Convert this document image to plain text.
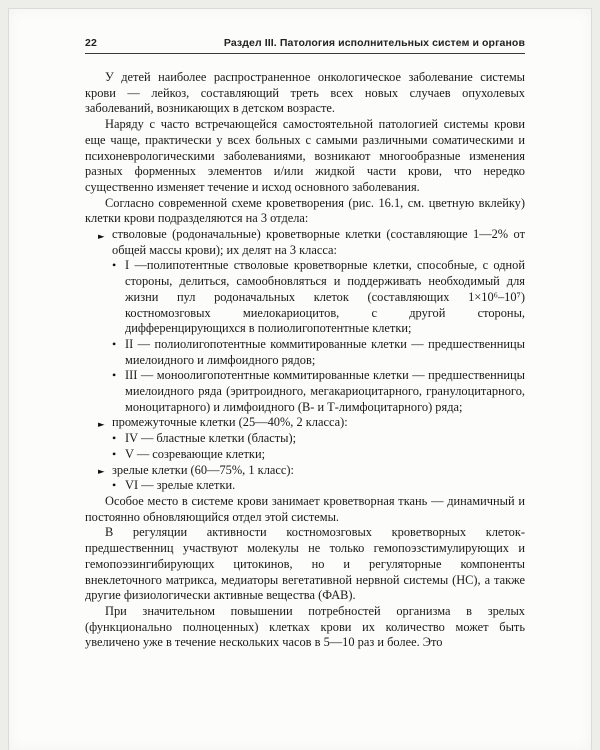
22	Раздел III. Патология исполнительных систем и органов
У детей наиболее распространенное онкологическое заболевание системы крови — лейкоз, составляющий треть всех новых случаев опухолевых заболеваний, возникающих в детском возрасте.
Наряду с часто встречающейся самостоятельной патологией системы крови еще чаще, практически у всех больных с самыми различными соматическими и психоневрологическими заболеваниями, возникают многообразные изменения разных форменных элементов и/или жидкой части крови, что нередко существенно изменяет течение и исход основного заболевания.
Согласно современной схеме кроветворения (рис. 16.1, см. цветную вклейку) клетки крови подразделяются на 3 отдела:
► стволовые (родоначальные) кроветворные клетки (составляющие 1—2% от общей массы крови); их делят на 3 класса:
• I —полипотентные стволовые кроветворные клетки, способные, с одной стороны, делиться, самообновляться и поддерживать необходимый для жизни пул родоначальных клеток (составляющих 1×10⁶–10⁷) костномозговых миелокариоцитов, с другой стороны, дифференцирующихся в полиолигопотентные клетки;
• II — полиолигопотентные коммитированные клетки — предшественницы миелоидного и лимфоидного рядов;
• III — моноолигопотентные коммитированные клетки — предшественницы миелоидного ряда (эритроидного, мегакариоцитарного, гранулоцитарного, моноцитарного) и лимфоидного (В- и Т-лимфоцитарного) ряда;
► промежуточные клетки (25—40%, 2 класса):
• IV — бластные клетки (бласты);
• V — созревающие клетки;
► зрелые клетки (60—75%, 1 класс):
• VI — зрелые клетки.
Особое место в системе крови занимает кроветворная ткань — динамичный и постоянно обновляющийся отдел этой системы.
В регуляции активности костномозговых кроветворных клеток-предшественниц участвуют молекулы не только гемопоэзстимулирующих и гемопоэзингибирующих цитокинов, но и регуляторные компоненты внеклеточного матрикса, медиаторы вегетативной нервной системы (НС), а также другие физиологически активные вещества (ФАВ).
При значительном повышении потребностей организма в зрелых (функционально полноценных) клетках крови их количество может быть увеличено уже в течение нескольких часов в 5—10 раз и более. Это
